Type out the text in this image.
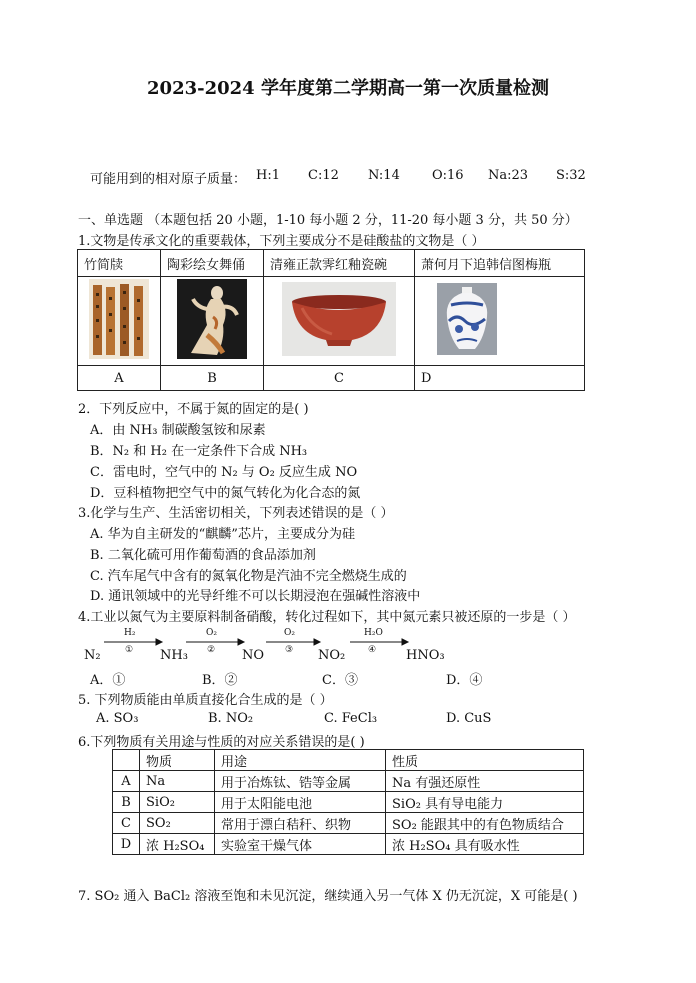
2023-2024 学年度第二学期高一第一次质量检测
可能用到的相对原子质量： H:1 C:12 N:14 O:16 Na:23 S:32
一、单选题 （本题包括 20 小题，1-10 每小题 2 分，11-20 每小题 3 分，共 50 分）
1.文物是传承文化的重要载体，下列主要成分不是硅酸盐的文物是（ ）
竹简牍	陶彩绘女舞俑	清雍正款霁红釉瓷碗	萧何月下追韩信图梅瓶

A	B	C	D
2．下列反应中，不属于氮的固定的是( )
A．由 NH₃ 制碳酸氢铵和尿素
B．N₂ 和 H₂ 在一定条件下合成 NH₃
C．雷电时，空气中的 N₂ 与 O₂ 反应生成 NO
D．豆科植物把空气中的氮气转化为化合态的氮
3.化学与生产、生活密切相关，下列表述错误的是（ ）
A. 华为自主研发的“麒麟”芯片，主要成分为硅
B. 二氧化硫可用作葡萄酒的食品添加剂
C. 汽车尾气中含有的氮氧化物是汽油不完全燃烧生成的
D. 通讯领域中的光导纤维不可以长期浸泡在强碱性溶液中
4.工业以氮气为主要原料制备硝酸，转化过程如下，其中氮元素只被还原的一步是（ ）
N₂	NH₃	NO	NO₂	HNO₃
H₂	O₂	O₂	H₂O
①	②	③	④
A．①	B．②	C．③	D．④
5. 下列物质能由单质直接化合生成的是（ ）
A. SO₃	B. NO₂	C. FeCl₃	D. CuS
6.下列物质有关用途与性质的对应关系错误的是( )
	物质	用途	性质
A	Na	用于冶炼钛、锆等金属	Na 有强还原性
B	SiO₂	用于太阳能电池	SiO₂ 具有导电能力
C	SO₂	常用于漂白秸秆、织物	SO₂ 能跟其中的有色物质结合
D	浓 H₂SO₄	实验室干燥气体	浓 H₂SO₄ 具有吸水性
7. SO₂ 通入 BaCl₂ 溶液至饱和未见沉淀，继续通入另一气体 X 仍无沉淀，X 可能是( )
